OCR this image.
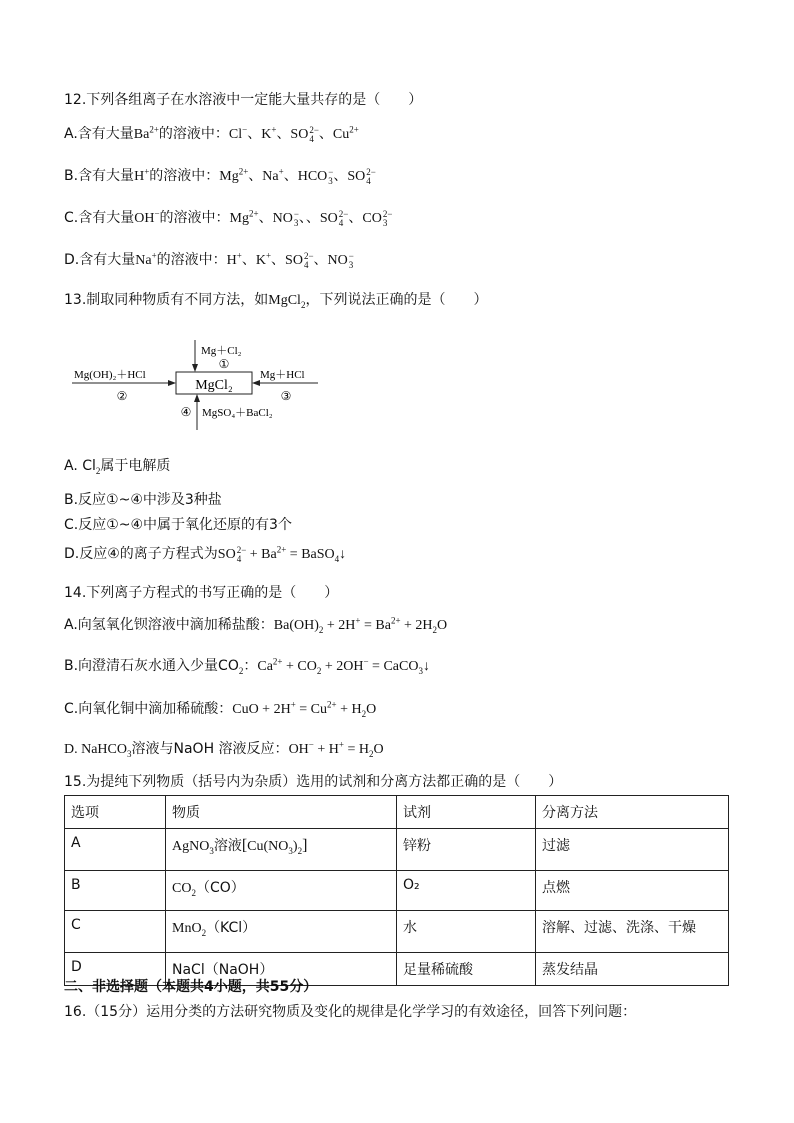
12.下列各组离子在水溶液中一定能大量共存的是（　　）
A.含有大量$Ba^{2+}$的溶液中：Cl−、K+、SO 2−
4 、$Cu^{2+}$
B.含有大量H+的溶液中：$Mg^{2+}$、Na+、HCO −
3 、SO 2−
4
C.含有大量OH−的溶液中：$Mg^{2+}$、NO −
3 、、SO 2−
4 、CO 2−
3
D.含有大量Na+的溶液中：H+、K+、SO 2−
4 、NO −
3
13.制取同种物质有不同方法，如MgCl$_2$，下列说法正确的是（　　）
MgCl₂
Mg(OH)₂＋HCl
②
Mg＋HCl
③
Mg＋Cl₂
①
④ MgSO₄＋BaCl₂
A. $Cl_2$属于电解质
B.反应①~④中涉及3种盐
C.反应①~④中属于氧化还原的有3个
D.反应④的离子方程式为SO 2−
$4 + Ba^{2+}$ = BaSO$_4$↓
14.下列离子方程式的书写正确的是（　　）
A.向氢氧化钡溶液中滴加稀盐酸：$Ba(OH)_2 + 2H^+ = Ba^{2+} + 2H_2O$
B.向澄清石灰水通入少量$CO_2$：$Ca^{2+} + CO_2 + 2OH^-$ = CaCO$_3$↓
C.向氧化铜中滴加稀硫酸：CuO + $2H^+ = Cu^{2+} + H_2O$
D. NaHCO$_3$溶液与NaOH 溶液反应：$OH^- + H^+ = H_2O$
15.为提纯下列物质（括号内为杂质）选用的试剂和分离方法都正确的是（　　）
选项	物质	试剂	分离方法
A	AgNO$_3$溶液$[Cu(NO_3)_2]$	锌粉	过滤
B	$CO_2(CO)$	O₂	点燃
C	MnO$_2$（KCl）	水	溶解、过滤、洗涤、干燥
D	NaCl（NaOH）	足量稀硫酸	蒸发结晶
二、非选择题（本题共4小题，共55分）
16.（15分）运用分类的方法研究物质及变化的规律是化学学习的有效途径，回答下列问题：
